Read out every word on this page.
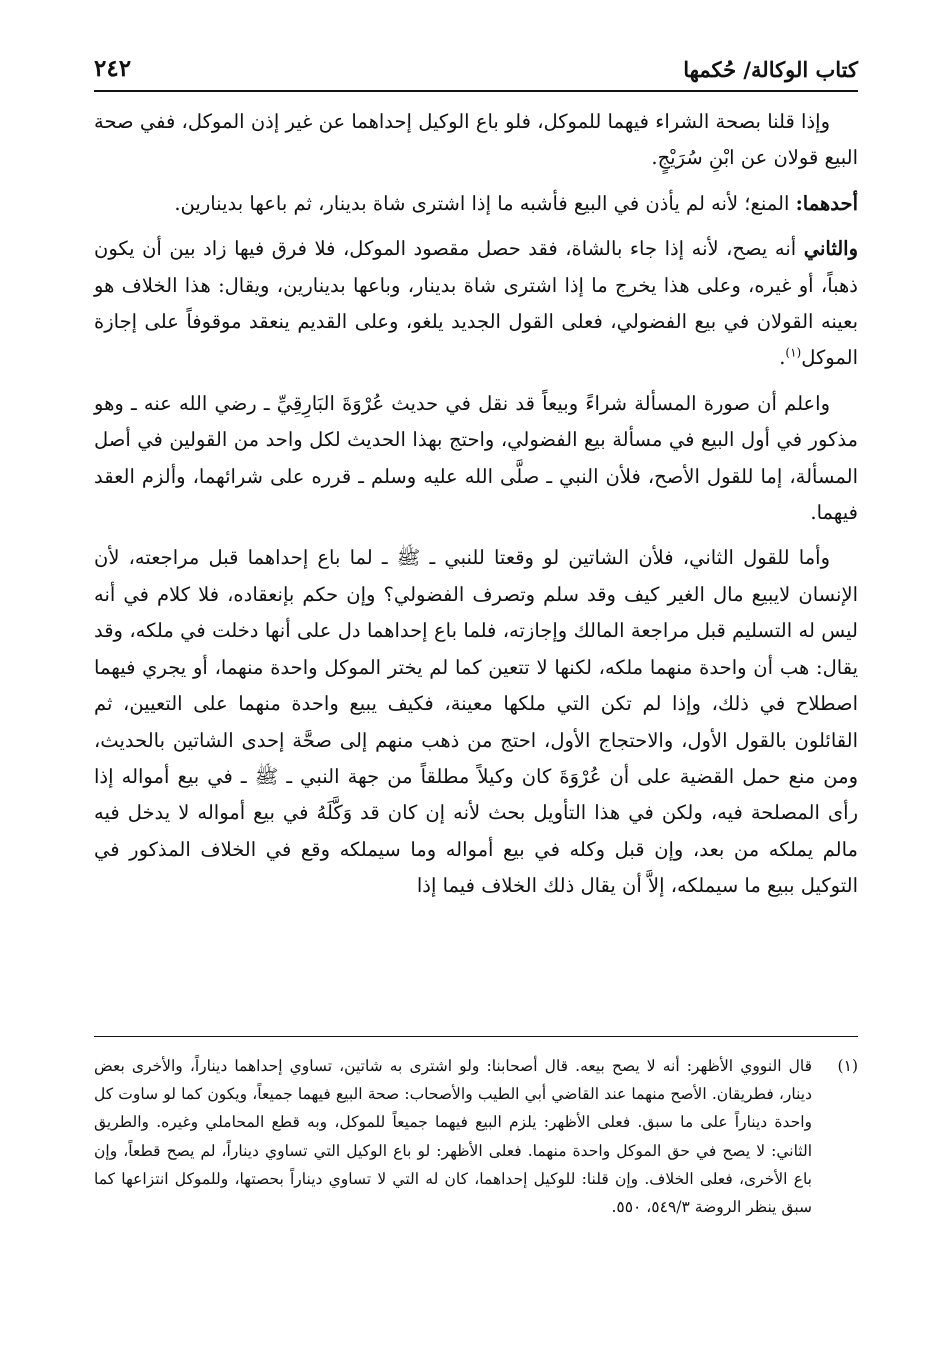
كتاب الوكالة/ حُكمها
٢٤٢

وإذا قلنا بصحة الشراء فيهما للموكل، فلو باع الوكيل إحداهما عن غير إذن الموكل، ففي صحة البيع قولان عن ابْنِ سُرَيْجٍ.

أحدهما: المنع؛ لأنه لم يأذن في البيع فأشبه ما إذا اشترى شاة بدينار، ثم باعها بدينارين.

والثاني أنه يصح، لأنه إذا جاء بالشاة، فقد حصل مقصود الموكل، فلا فرق فيها زاد بين أن يكون ذهباً، أو غيره، وعلى هذا يخرج ما إذا اشترى شاة بدينار، وباعها بدينارين، ويقال: هذا الخلاف هو بعينه القولان في بيع الفضولي، فعلى القول الجديد يلغو، وعلى القديم ينعقد موقوفاً على إجازة الموكل$^{(١)}$.

واعلم أن صورة المسألة شراءً وبيعاً قد نقل في حديث عُرْوَةَ البَارِقِيِّ ـ رضي الله عنه ـ وهو مذكور في أول البيع في مسألة بيع الفضولي، واحتج بهذا الحديث لكل واحد من القولين في أصل المسألة، إما للقول الأصح، فلأن النبي ـ صلَّى الله عليه وسلم ـ قرره على شرائهما، وألزم العقد فيهما.

وأما للقول الثاني، فلأن الشاتين لو وقعتا للنبي ـ ﷺ ـ لما باع إحداهما قبل مراجعته، لأن الإنسان لايبيع مال الغير كيف وقد سلم وتصرف الفضولي؟ وإن حكم بإنعقاده، فلا كلام في أنه ليس له التسليم قبل مراجعة المالك وإجازته، فلما باع إحداهما دل على أنها دخلت في ملكه، وقد يقال: هب أن واحدة منهما ملكه، لكنها لا تتعين كما لم يختر الموكل واحدة منهما، أو يجري فيهما اصطلاح في ذلك، وإذا لم تكن التي ملكها معينة، فكيف يبيع واحدة منهما على التعيين، ثم القائلون بالقول الأول، والاحتجاج الأول، احتج من ذهب منهم إلى صحَّة إحدى الشاتين بالحديث، ومن منع حمل القضية على أن عُرْوَةَ كان وكيلاً مطلقاً من جهة النبي ـ ﷺ ـ في بيع أمواله إذا رأى المصلحة فيه، ولكن في هذا التأويل بحث لأنه إن كان قد وَكَّلَهُ في بيع أمواله لا يدخل فيه مالم يملكه من بعد، وإن قبل وكله في بيع أمواله وما سيملكه وقع في الخلاف المذكور في التوكيل ببيع ما سيملكه، إلاَّ أن يقال ذلك الخلاف فيما إذا

(١)
قال النووي الأظهر: أنه لا يصح بيعه. قال أصحابنا: ولو اشترى به شاتين، تساوي إحداهما ديناراً، والأخرى بعض دينار، فطريقان. الأصح منهما عند القاضي أبي الطيب والأصحاب: صحة البيع فيهما جميعاً، ويكون كما لو ساوت كل واحدة ديناراً على ما سبق. فعلى الأظهر: يلزم البيع فيهما جميعاً للموكل، وبه قطع المحاملي وغيره. والطريق الثاني: لا يصح في حق الموكل واحدة منهما. فعلى الأظهر: لو باع الوكيل التي تساوي ديناراً، لم يصح قطعاً، وإن باع الأخرى، فعلى الخلاف. وإن قلنا: للوكيل إحداهما، كان له التي لا تساوي ديناراً بحصتها، وللموكل انتزاعها كما سبق ينظر الروضة ٥٤٩/٣، ٥٥٠.
